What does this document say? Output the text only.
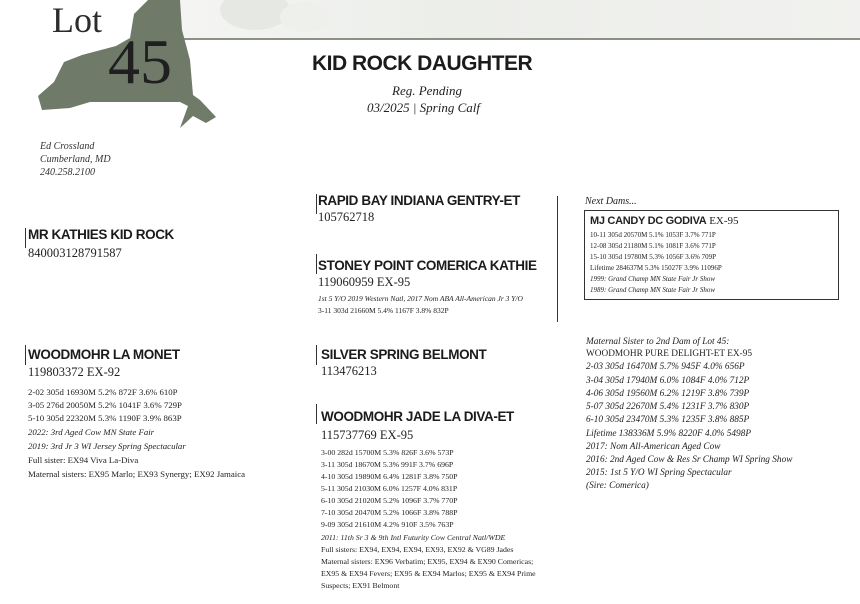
Lot
45
Ed Crossland
Cumberland, MD
240.258.2100
KID ROCK DAUGHTER
Reg. Pending
03/2025 | Spring Calf
MR KATHIES KID ROCK
840003128791587
RAPID BAY INDIANA GENTRY-ET
105762718
STONEY POINT COMERICA KATHIE
119060959 EX-95
1st 5 Y/O 2019 Western Natl, 2017 Nom ABA All-American Jr 3 Y/O
3-11 303d 21660M 5.4% 1167F 3.8% 832P
Next Dams...
MJ CANDY DC GODIVA EX-95
10-11 305d 20570M 5.1% 1053F 3.7% 771P
12-08 305d 21180M 5.1% 1081F 3.6% 771P
15-10 305d 19780M 5.3% 1056F 3.6% 709P
Lifetime 284637M 5.3% 15027F 3.9% 11096P
1999: Grand Champ MN State Fair Jr Show
1989: Grand Champ MN State Fair Jr Show
WOODMOHR LA MONET
119803372 EX-92
2-02 305d 16930M 5.2% 872F 3.6% 610P
3-05 276d 20050M 5.2% 1041F 3.6% 729P
5-10 305d 22320M 5.3% 1190F 3.9% 863P
2022: 3rd Aged Cow MN State Fair
2019: 3rd Jr 3 WI Jersey Spring Spectacular
Full sister: EX94 Viva La-Diva
Maternal sisters: EX95 Marlo; EX93 Synergy; EX92 Jamaica
SILVER SPRING BELMONT
113476213
WOODMOHR JADE LA DIVA-ET
115737769 EX-95
3-00 282d 15700M 5.3% 826F 3.6% 573P
3-11 305d 18670M 5.3% 991F 3.7% 696P
4-10 305d 19890M 6.4% 1281F 3.8% 750P
5-11 305d 21030M 6.0% 1257F 4.0% 831P
6-10 305d 21020M 5.2% 1096F 3.7% 770P
7-10 305d 20470M 5.2% 1066F 3.8% 788P
9-09 305d 21610M 4.2% 910F 3.5% 763P
2011: 11th Sr 3 & 9th Intl Futurity Cow Central Natl/WDE
Full sisters: EX94, EX94, EX94, EX93, EX92 & VG89 Jades
Maternal sisters: EX96 Verbatim; EX95, EX94 & EX90 Comericas;
EX95 & EX94 Fevers; EX95 & EX94 Marlos; EX95 & EX94 Prime
Suspects; EX91 Belmont
Maternal Sister to 2nd Dam of Lot 45:
WOODMOHR PURE DELIGHT-ET EX-95
2-03 305d 16470M 5.7% 945F 4.0% 656P
3-04 305d 17940M 6.0% 1084F 4.0% 712P
4-06 305d 19560M 6.2% 1219F 3.8% 739P
5-07 305d 22670M 5.4% 1231F 3.7% 830P
6-10 305d 23470M 5.3% 1235F 3.8% 885P
Lifetime 138336M 5.9% 8220F 4.0% 5498P
2017: Nom All-American Aged Cow
2016: 2nd Aged Cow & Res Sr Champ WI Spring Show
2015: 1st 5 Y/O WI Spring Spectacular
(Sire: Comerica)
